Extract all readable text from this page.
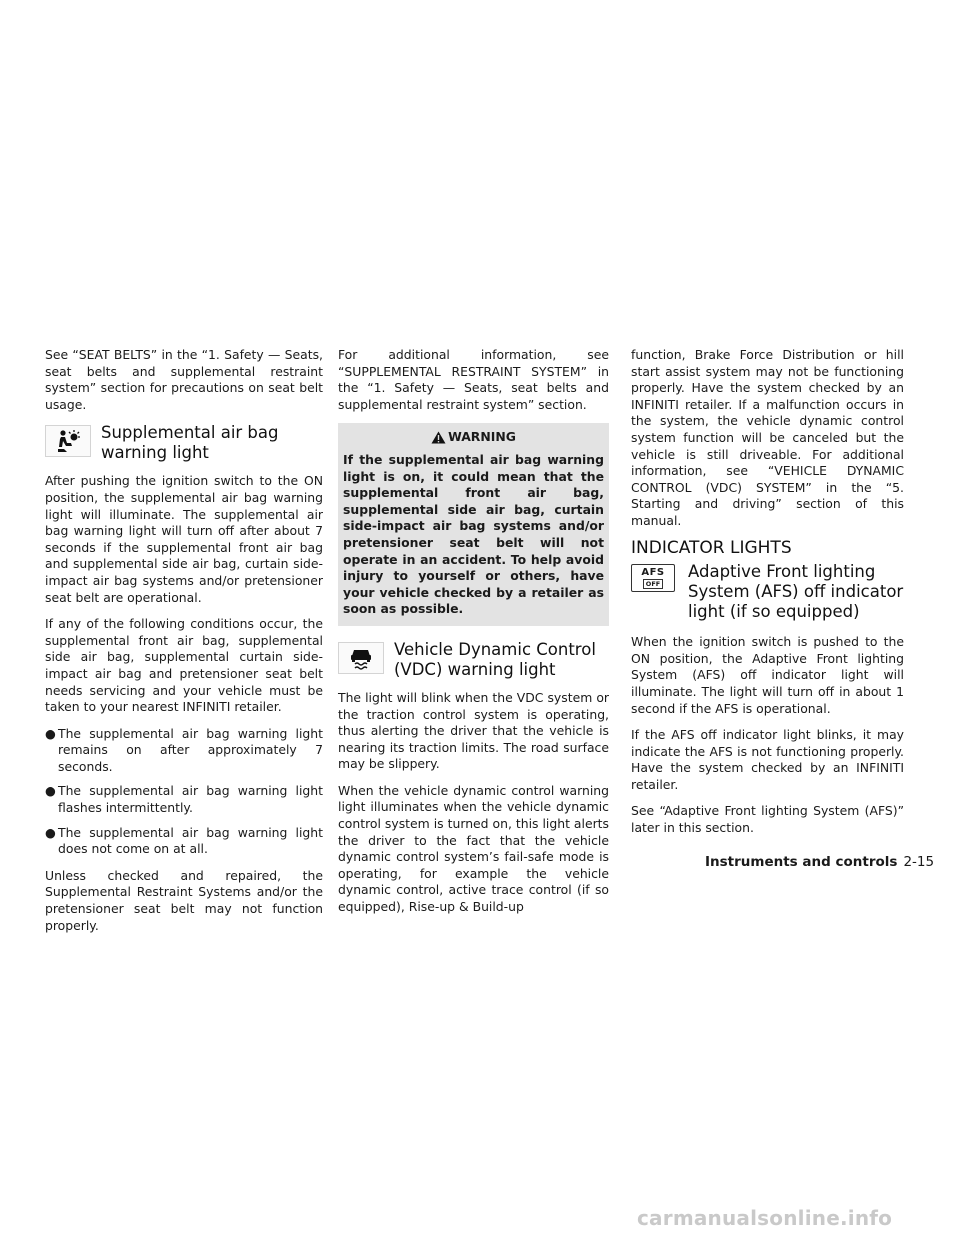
See “SEAT BELTS” in the “1. Safety — Seats, seat belts and supplemental restraint system” section for precautions on seat belt usage.

Supplemental air bag warning light

After pushing the ignition switch to the ON position, the supplemental air bag warning light will illuminate. The supplemental air bag warning light will turn off after about 7 seconds if the supplemental front air bag and supplemental side air bag, curtain side-impact air bag systems and/or pretensioner seat belt are operational.

If any of the following conditions occur, the supplemental front air bag, supplemental side air bag, supplemental curtain side-impact air bag and pretensioner seat belt needs servicing and your vehicle must be taken to your nearest INFINITI retailer.

● The supplemental air bag warning light remains on after approximately 7 seconds.
● The supplemental air bag warning light flashes intermittently.
● The supplemental air bag warning light does not come on at all.

Unless checked and repaired, the Supplemental Restraint Systems and/or the pretensioner seat belt may not function properly.

For additional information, see “SUPPLEMENTAL RESTRAINT SYSTEM” in the “1. Safety — Seats, seat belts and supplemental restraint system” section.

WARNING
If the supplemental air bag warning light is on, it could mean that the supplemental front air bag, supplemental side air bag, curtain side-impact air bag systems and/or pretensioner seat belt will not operate in an accident. To help avoid injury to yourself or others, have your vehicle checked by a retailer as soon as possible.
Vehicle Dynamic Control (VDC) warning light

The light will blink when the VDC system or the traction control system is operating, thus alerting the driver that the vehicle is nearing its traction limits. The road surface may be slippery.

When the vehicle dynamic control warning light illuminates when the vehicle dynamic control system is turned on, this light alerts the driver to the fact that the vehicle dynamic control system’s fail-safe mode is operating, for example the vehicle dynamic control, active trace control (if so equipped), Rise-up & Build-up

function, Brake Force Distribution or hill start assist system may not be functioning properly. Have the system checked by an INFINITI retailer. If a malfunction occurs in the system, the vehicle dynamic control system function will be canceled but the vehicle is still driveable. For additional information, see “VEHICLE DYNAMIC CONTROL (VDC) SYSTEM” in the “5. Starting and driving” section of this manual.

INDICATOR LIGHTS
AFS
OFF
Adaptive Front lighting System (AFS) off indicator light (if so equipped)

When the ignition switch is pushed to the ON position, the Adaptive Front lighting System (AFS) off indicator light will illuminate. The light will turn off in about 1 second if the AFS is operational.

If the AFS off indicator light blinks, it may indicate the AFS is not functioning properly. Have the system checked by an INFINITI retailer.

See “Adaptive Front lighting System (AFS)” later in this section.

Instruments and controls 2-15
carmanualsonline.info
